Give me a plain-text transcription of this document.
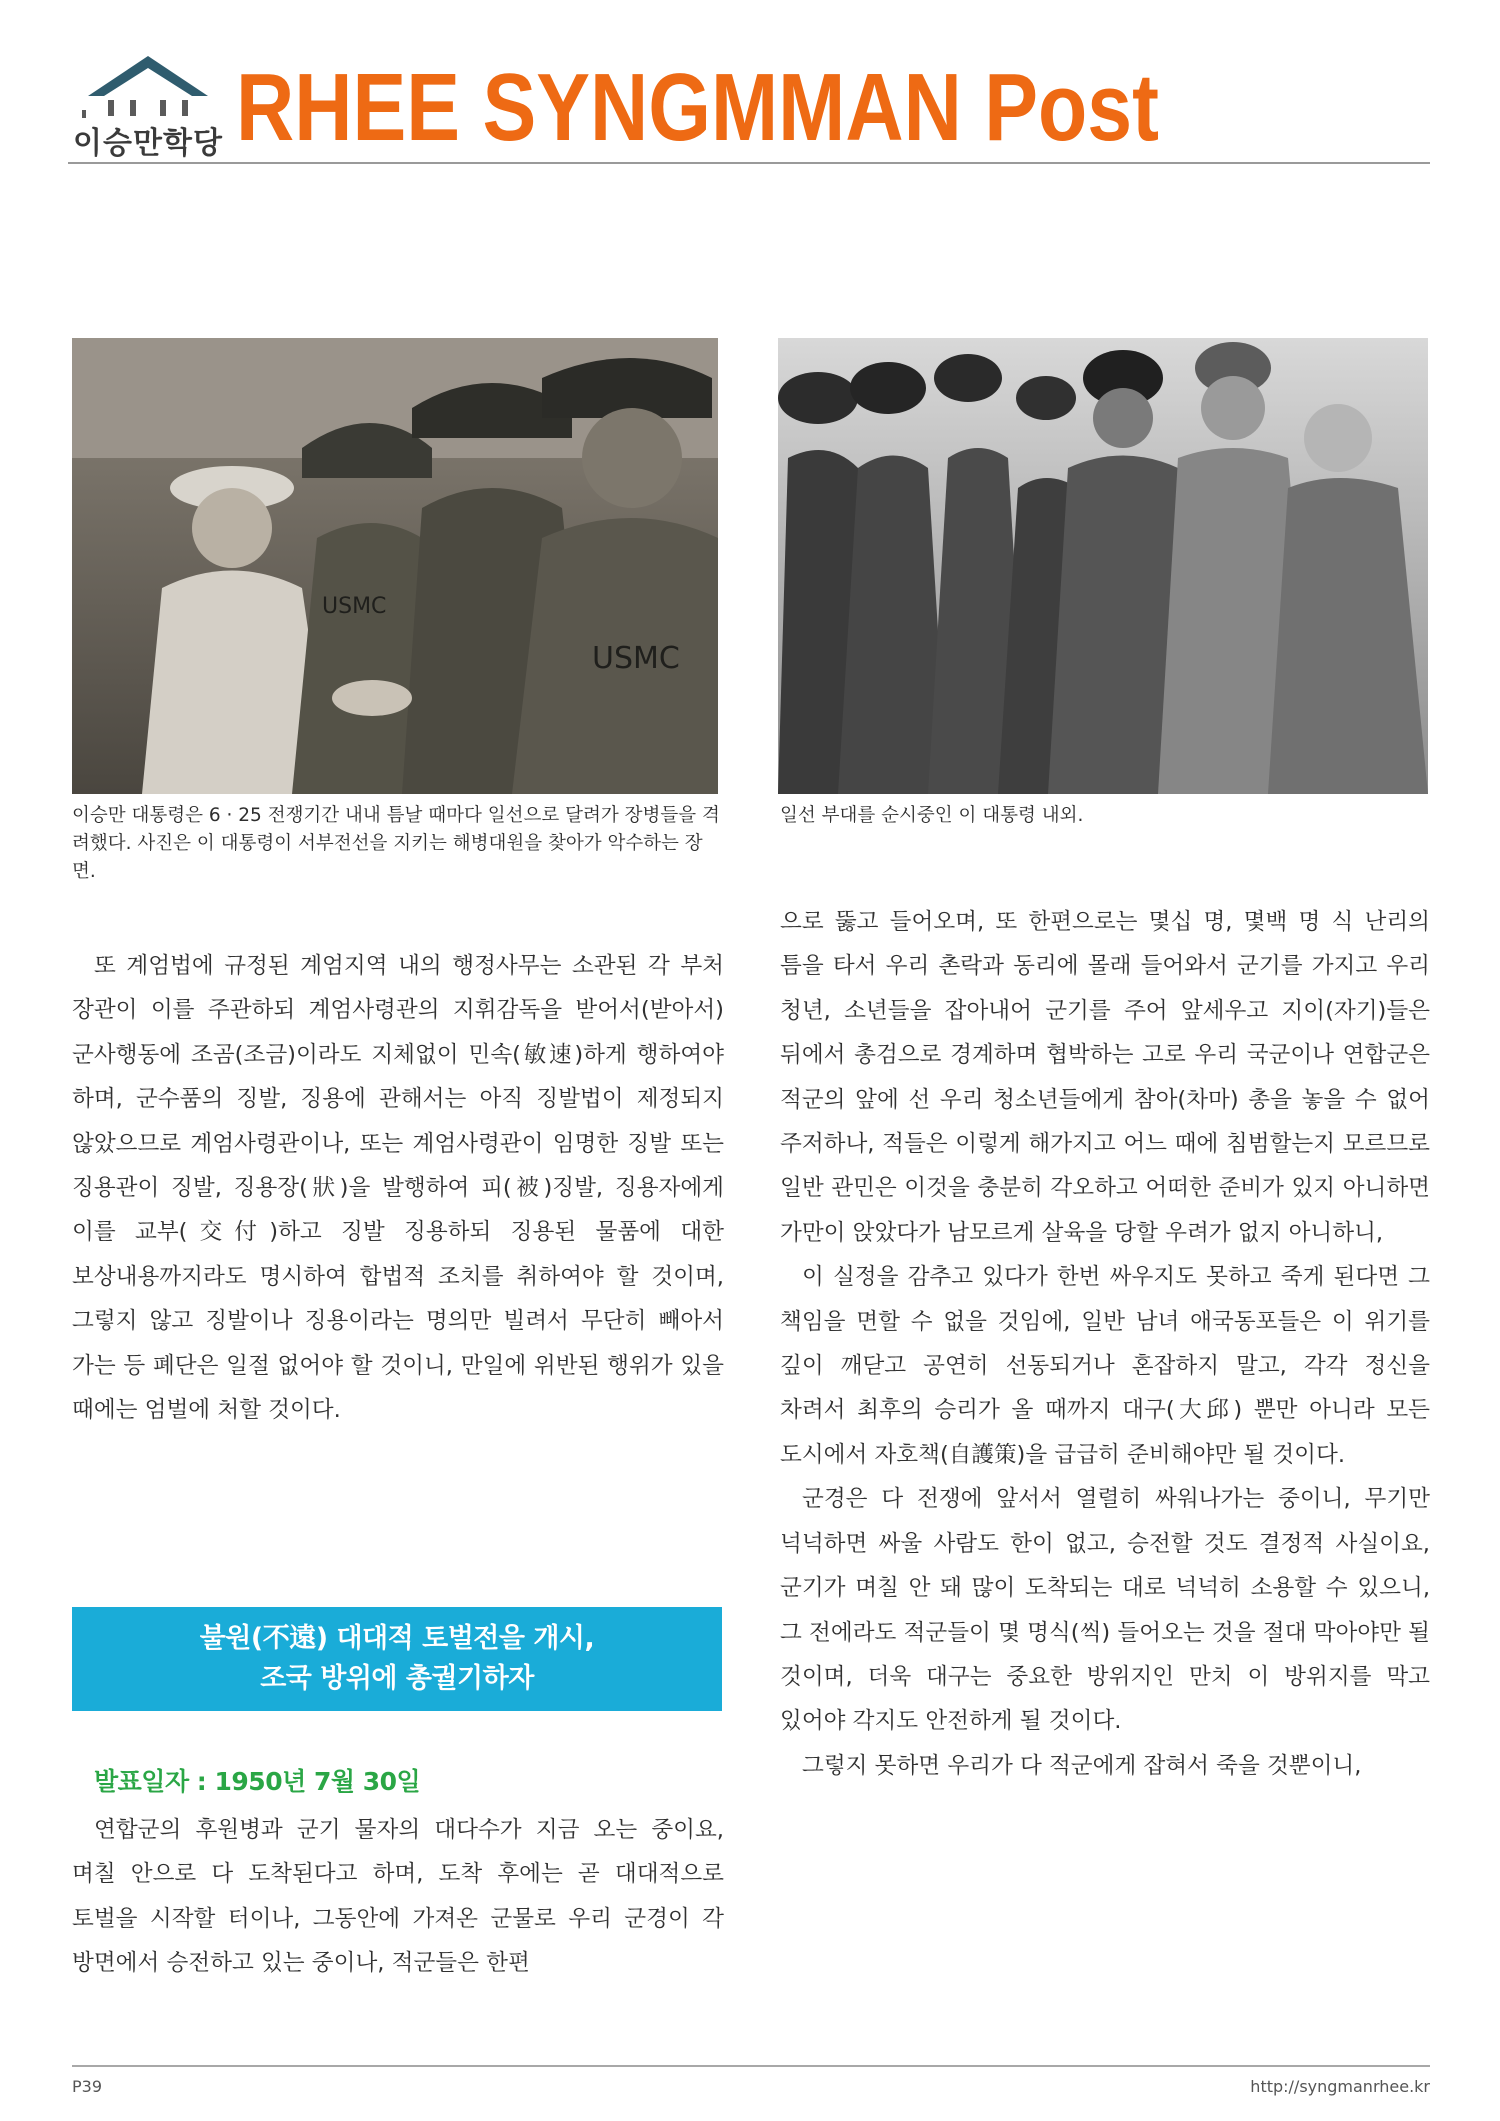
이승만학당 RHEE SYNGMMAN Post
USMC
USMC

이승만 대통령은 6 · 25 전쟁기간 내내 틈날 때마다 일선으로 달려가 장병들을 격려했다. 사진은 이 대통령이 서부전선을 지키는 해병대원을 찾아가 악수하는 장면.

일선 부대를 순시중인 이 대통령 내외.

또 계엄법에 규정된 계엄지역 내의 행정사무는 소관된 각 부처 장관이 이를 주관하되 계엄사령관의 지휘감독을 받어서(받아서) 군사행동에 조곰(조금)이라도 지체없이 민속(敏速)하게 행하여야 하며, 군수품의 징발, 징용에 관해서는 아직 징발법이 제정되지 않았으므로 계엄사령관이나, 또는 계엄사령관이 임명한 징발 또는 징용관이 징발, 징용장(狀)을 발행하여 피(被)징발, 징용자에게 이를 교부(交付)하고 징발 징용하되 징용된 물품에 대한 보상내용까지라도 명시하여 합법적 조치를 취하여야 할 것이며, 그렇지 않고 징발이나 징용이라는 명의만 빌려서 무단히 빼아서 가는 등 폐단은 일절 없어야 할 것이니, 만일에 위반된 행위가 있을 때에는 엄벌에 처할 것이다.

불원(不遠) 대대적 토벌전을 개시,
조국 방위에 총궐기하자

발표일자 : 1950년 7월 30일

연합군의 후원병과 군기 물자의 대다수가 지금 오는 중이요, 며칠 안으로 다 도착된다고 하며, 도착 후에는 곧 대대적으로 토벌을 시작할 터이나, 그동안에 가져온 군물로 우리 군경이 각 방면에서 승전하고 있는 중이나, 적군들은 한편

으로 뚫고 들어오며, 또 한편으로는 몇십 명, 몇백 명 식 난리의 틈을 타서 우리 촌락과 동리에 몰래 들어와서 군기를 가지고 우리 청년, 소년들을 잡아내어 군기를 주어 앞세우고 지이(자기)들은 뒤에서 총검으로 경계하며 협박하는 고로 우리 국군이나 연합군은 적군의 앞에 선 우리 청소년들에게 참아(차마) 총을 놓을 수 없어 주저하나, 적들은 이렇게 해가지고 어느 때에 침범할는지 모르므로 일반 관민은 이것을 충분히 각오하고 어떠한 준비가 있지 아니하면 가만이 앉았다가 남모르게 살육을 당할 우려가 없지 아니하니,

이 실정을 감추고 있다가 한번 싸우지도 못하고 죽게 된다면 그 책임을 면할 수 없을 것임에, 일반 남녀 애국동포들은 이 위기를 깊이 깨닫고 공연히 선동되거나 혼잡하지 말고, 각각 정신을 차려서 최후의 승리가 올 때까지 대구(大邱) 뿐만 아니라 모든 도시에서 자호책(自護策)을 급급히 준비해야만 될 것이다.

군경은 다 전쟁에 앞서서 열렬히 싸워나가는 중이니, 무기만 넉넉하면 싸울 사람도 한이 없고, 승전할 것도 결정적 사실이요, 군기가 며칠 안 돼 많이 도착되는 대로 넉넉히 소용할 수 있으니, 그 전에라도 적군들이 몇 명식(씩) 들어오는 것을 절대 막아야만 될 것이며, 더욱 대구는 중요한 방위지인 만치 이 방위지를 막고 있어야 각지도 안전하게 될 것이다.

그렇지 못하면 우리가 다 적군에게 잡혀서 죽을 것뿐이니,

P39	http://syngmanrhee.kr
